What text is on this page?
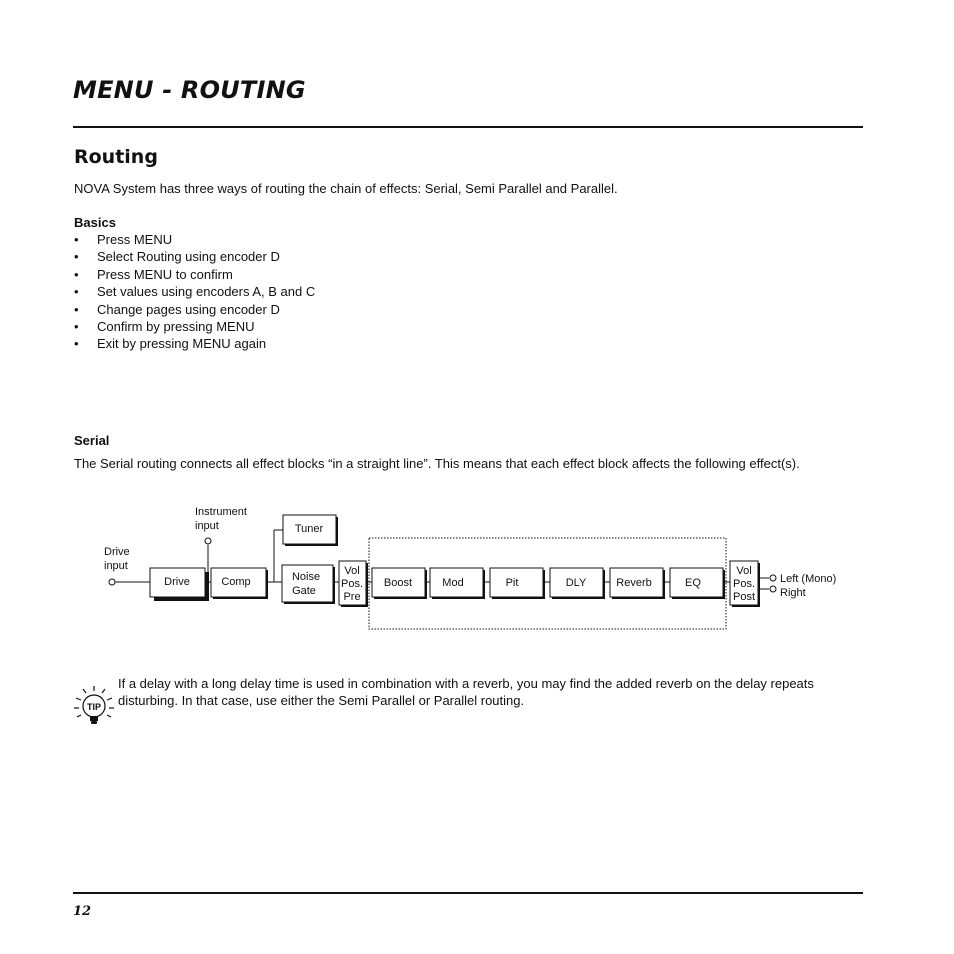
MENU - ROUTING
Routing
NOVA System has three ways of routing the chain of effects: Serial, Semi Parallel and Parallel.
Basics
• Press MENU
• Select Routing using encoder D
• Press MENU to confirm
• Set values using encoders A, B and C
• Change pages using encoder D
• Confirm by pressing MENU
• Exit by pressing MENU again
Serial
The Serial routing connects all effect blocks “in a straight line”. This means that each effect block affects the following effect(s).
Drive
input
Instrument
input
Drive	Comp
Tuner
Noise
Gate
Vol
Pos.
Pre
Boost	Mod	Pit	DLY	Reverb	EQ
Vol
Pos.
Post
Left (Mono)
Right
TIP
If a delay with a long delay time is used in combination with a reverb, you may find the added reverb on the delay repeats disturbing. In that case, use either the Semi Parallel or Parallel routing.
12
